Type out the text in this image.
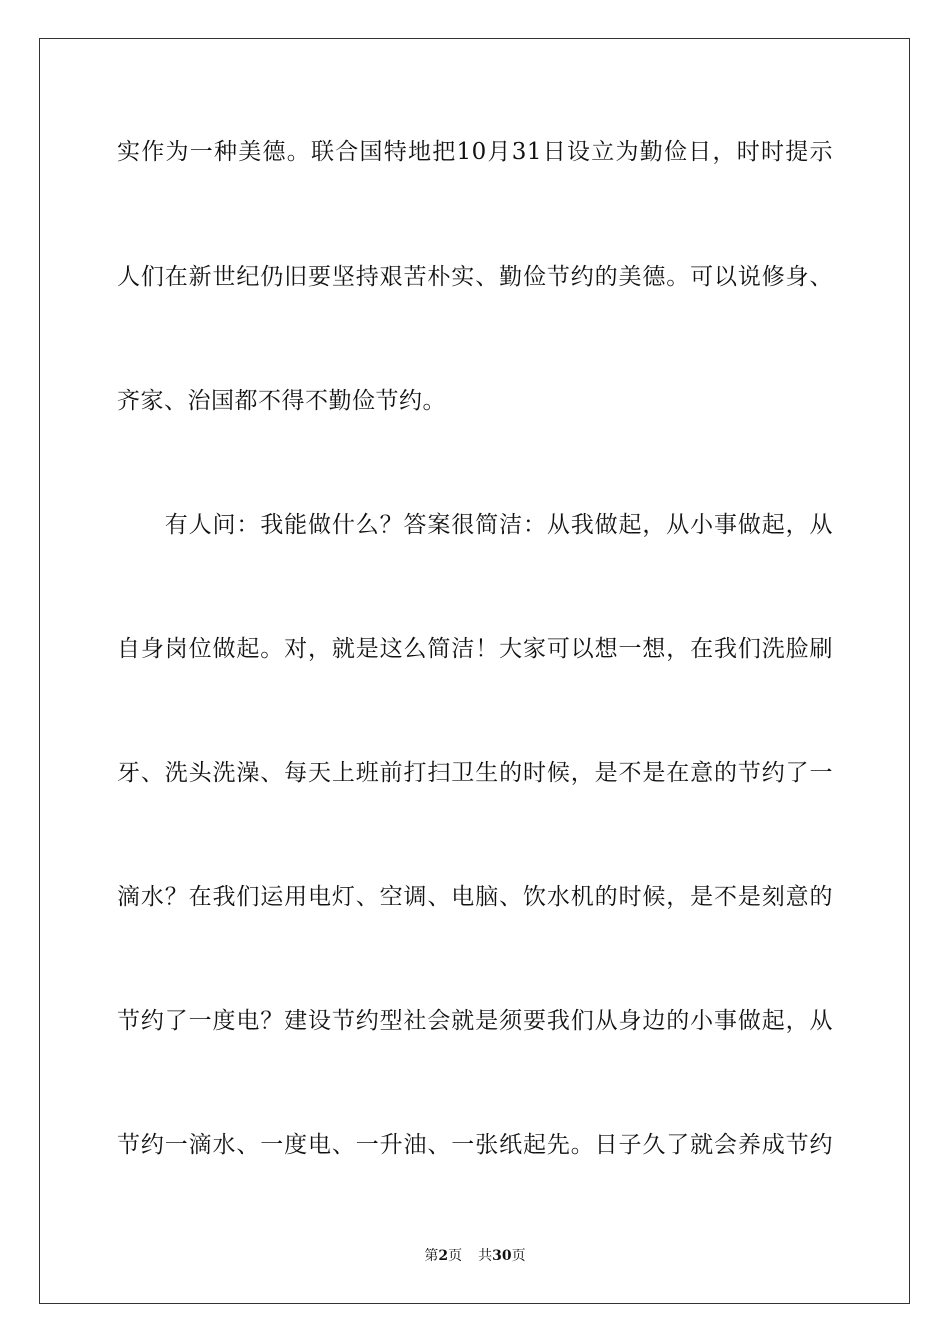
实作为一种美德。联合国特地把10月31日设立为勤俭日，时时提示
人们在新世纪仍旧要坚持艰苦朴实、勤俭节约的美德。可以说修身、
齐家、治国都不得不勤俭节约。
　　有人问：我能做什么？答案很简洁：从我做起，从小事做起，从
自身岗位做起。对，就是这么简洁！大家可以想一想，在我们洗脸刷
牙、洗头洗澡、每天上班前打扫卫生的时候，是不是在意的节约了一
滴水？在我们运用电灯、空调、电脑、饮水机的时候，是不是刻意的
节约了一度电？建设节约型社会就是须要我们从身边的小事做起，从
节约一滴水、一度电、一升油、一张纸起先。日子久了就会养成节约
第2页 共30页
